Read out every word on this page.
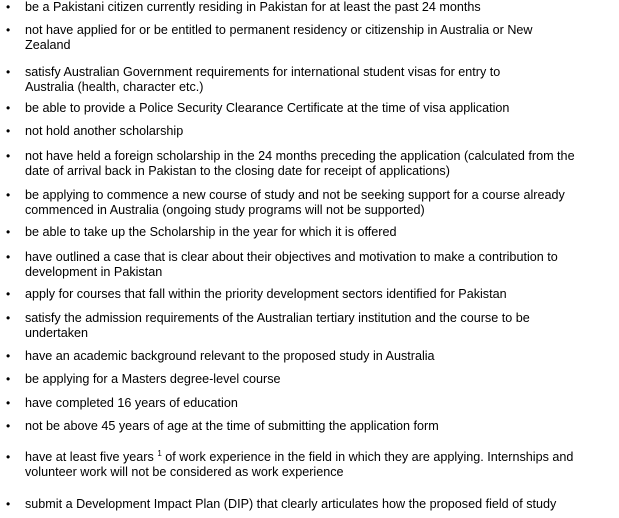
• be a Pakistani citizen currently residing in Pakistan for at least the past 24 months
• not have applied for or be entitled to permanent residency or citizenship in Australia or New
Zealand
• satisfy Australian Government requirements for international student visas for entry to
Australia (health, character etc.)
• be able to provide a Police Security Clearance Certificate at the time of visa application
• not hold another scholarship
• not have held a foreign scholarship in the 24 months preceding the application (calculated from the
date of arrival back in Pakistan to the closing date for receipt of applications)
• be applying to commence a new course of study and not be seeking support for a course already
commenced in Australia (ongoing study programs will not be supported)
• be able to take up the Scholarship in the year for which it is offered
• have outlined a case that is clear about their objectives and motivation to make a contribution to
development in Pakistan
• apply for courses that fall within the priority development sectors identified for Pakistan
• satisfy the admission requirements of the Australian tertiary institution and the course to be
undertaken
• have an academic background relevant to the proposed study in Australia
• be applying for a Masters degree-level course
• have completed 16 years of education
• not be above 45 years of age at the time of submitting the application form
• have at least five years $^1$ of work experience in the field in which they are applying. Internships and
volunteer work will not be considered as work experience
• submit a Development Impact Plan (DIP) that clearly articulates how the proposed field of study
